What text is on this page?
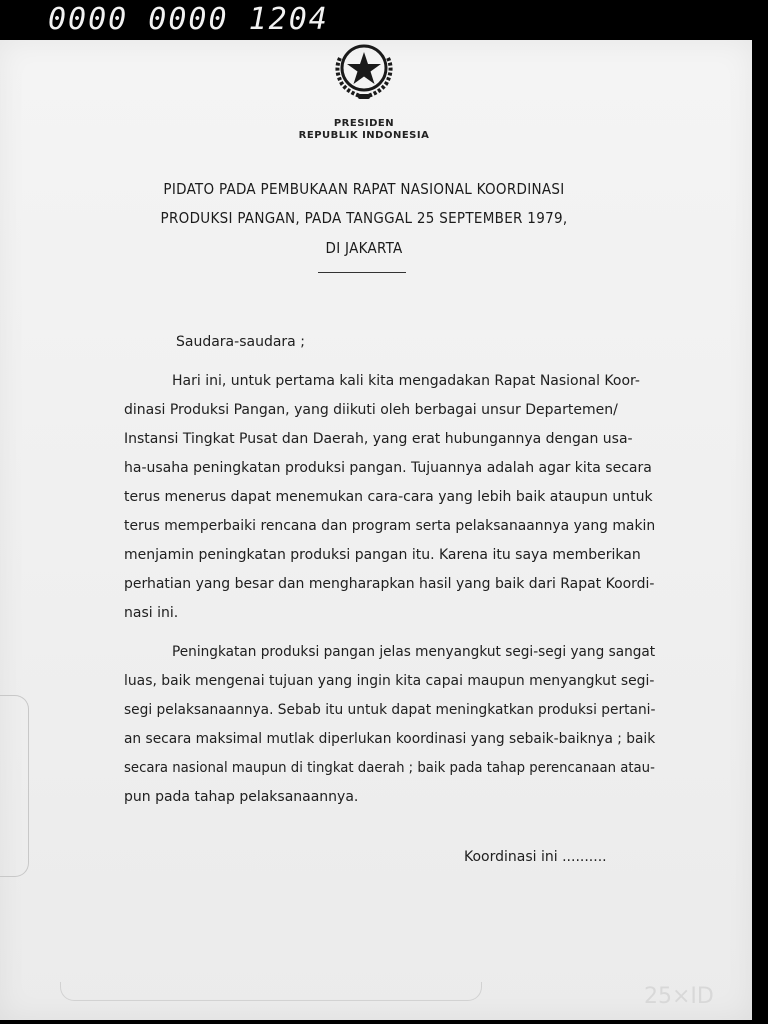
0000 0000 1204
PRESIDEN
REPUBLIK INDONESIA
PIDATO PADA PEMBUKAAN RAPAT NASIONAL KOORDINASI
PRODUKSI PANGAN, PADA TANGGAL 25 SEPTEMBER 1979,
DI JAKARTA
Saudara-saudara ;
Hari ini, untuk pertama kali kita mengadakan Rapat Nasional Koor-
dinasi Produksi Pangan, yang diikuti oleh berbagai unsur Departemen/
Instansi Tingkat Pusat dan Daerah, yang erat hubungannya dengan usa-
ha-usaha peningkatan produksi pangan. Tujuannya adalah agar kita secara
terus menerus dapat menemukan cara-cara yang lebih baik ataupun untuk
terus memperbaiki rencana dan program serta pelaksanaannya yang makin
menjamin peningkatan produksi pangan itu. Karena itu saya memberikan
perhatian yang besar dan mengharapkan hasil yang baik dari Rapat Koordi-
nasi ini.
Peningkatan produksi pangan jelas menyangkut segi-segi yang sangat
luas, baik mengenai tujuan yang ingin kita capai maupun menyangkut segi-
segi pelaksanaannya. Sebab itu untuk dapat meningkatkan produksi pertani-
an secara maksimal mutlak diperlukan koordinasi yang sebaik-baiknya ; baik
secara nasional maupun di tingkat daerah ; baik pada tahap perencanaan atau-
pun pada tahap pelaksanaannya.
Koordinasi ini ..........
25×ID
